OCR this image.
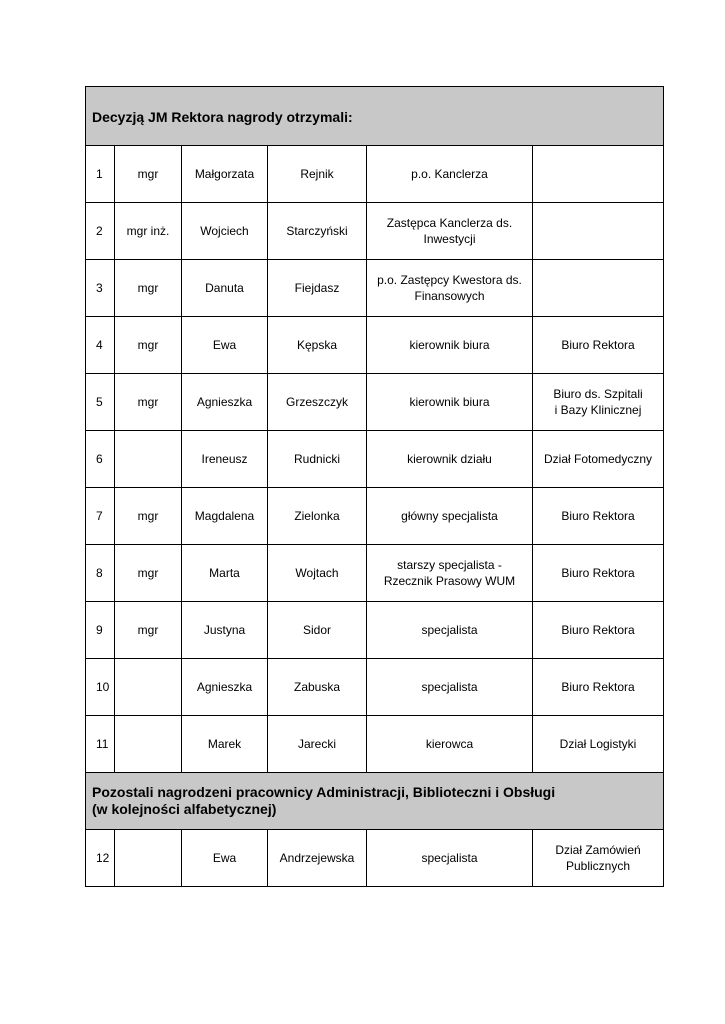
Decyzją JM Rektora nagrody otrzymali:					
1	mgr	Małgorzata	Rejnik	p.o. Kanclerza	
2	mgr inż.	Wojciech	Starczyński	Zastępca Kanclerza ds.
Inwestycji	
3	mgr	Danuta	Fiejdasz	p.o. Zastępcy Kwestora ds.
Finansowych	
4	mgr	Ewa	Kępska	kierownik biura	Biuro Rektora
5	mgr	Agnieszka	Grzeszczyk	kierownik biura	Biuro ds. Szpitali
i Bazy Klinicznej
6		Ireneusz	Rudnicki	kierownik działu	Dział Fotomedyczny
7	mgr	Magdalena	Zielonka	główny specjalista	Biuro Rektora
8	mgr	Marta	Wojtach	starszy specjalista -
Rzecznik Prasowy WUM	Biuro Rektora
9	mgr	Justyna	Sidor	specjalista	Biuro Rektora
10		Agnieszka	Zabuska	specjalista	Biuro Rektora
11		Marek	Jarecki	kierowca	Dział Logistyki
Pozostali nagrodzeni pracownicy Administracji, Biblioteczni i Obsługi
(w kolejności alfabetycznej)					
12		Ewa	Andrzejewska	specjalista	Dział Zamówień
Publicznych
